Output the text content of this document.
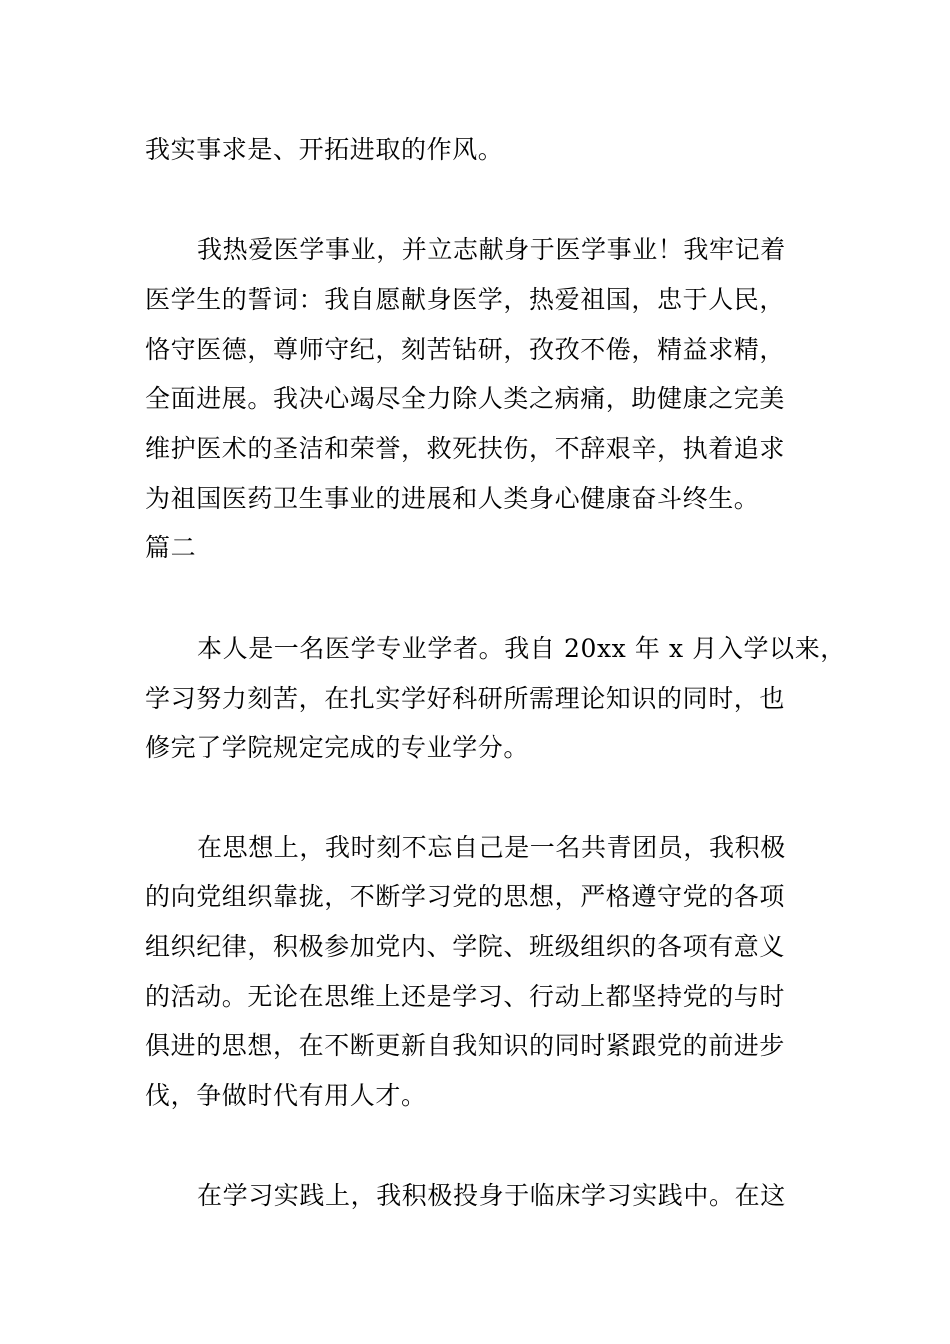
我实事求是、开拓进取的作风。
我热爱医学事业，并立志献身于医学事业！我牢记着
医学生的誓词：我自愿献身医学，热爱祖国，忠于人民，
恪守医德，尊师守纪，刻苦钻研，孜孜不倦，精益求精，
全面进展。我决心竭尽全力除人类之病痛，助健康之完美
维护医术的圣洁和荣誉，救死扶伤，不辞艰辛，执着追求
为祖国医药卫生事业的进展和人类身心健康奋斗终生。
篇二
本人是一名医学专业学者。我自 20xx 年 x 月入学以来，
学习努力刻苦，在扎实学好科研所需理论知识的同时，也
修完了学院规定完成的专业学分。
在思想上，我时刻不忘自己是一名共青团员，我积极
的向党组织靠拢，不断学习党的思想，严格遵守党的各项
组织纪律，积极参加党内、学院、班级组织的各项有意义
的活动。无论在思维上还是学习、行动上都坚持党的与时
俱进的思想，在不断更新自我知识的同时紧跟党的前进步
伐，争做时代有用人才。
在学习实践上，我积极投身于临床学习实践中。在这
